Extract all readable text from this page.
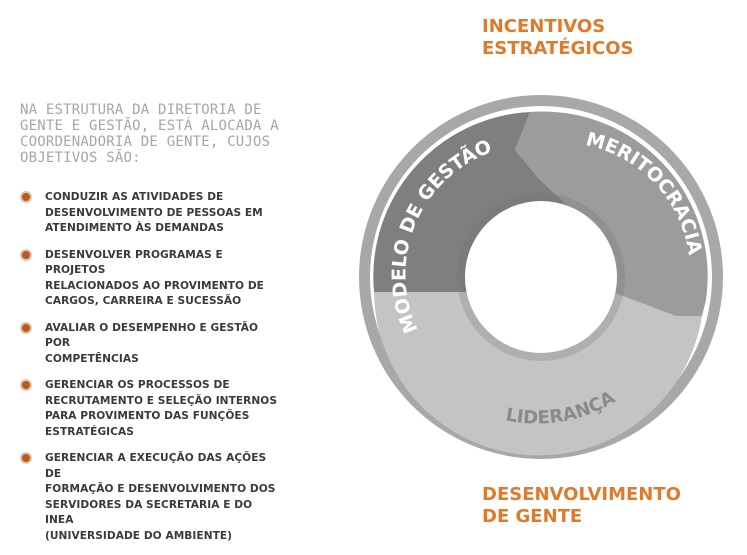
NA ESTRUTURA DA DIRETORIA DE
GENTE E GESTÃO, ESTÁ ALOCADA A
COORDENADORIA DE GENTE, CUJOS
OBJETIVOS SÃO:
CONDUZIR AS ATIVIDADES DE
DESENVOLVIMENTO DE PESSOAS EM
ATENDIMENTO ÀS DEMANDAS
DESENVOLVER PROGRAMAS E PROJETOS
RELACIONADOS AO PROVIMENTO DE
CARGOS, CARREIRA E SUCESSÃO
AVALIAR O DESEMPENHO E GESTÃO POR
COMPETÊNCIAS
GERENCIAR OS PROCESSOS DE
RECRUTAMENTO E SELEÇÃO INTERNOS
PARA PROVIMENTO DAS FUNÇÕES
ESTRATÉGICAS
GERENCIAR A EXECUÇÃO DAS AÇÕES DE
FORMAÇÃO E DESENVOLVIMENTO DOS
SERVIDORES DA SECRETARIA E DO INEA
(UNIVERSIDADE DO AMBIENTE)
INCENTIVOS
ESTRATÉGICOS
DESENVOLVIMENTO
DE GENTE
MODELO DE GESTÃO	MERITOCRACIA
LIDERANÇA
